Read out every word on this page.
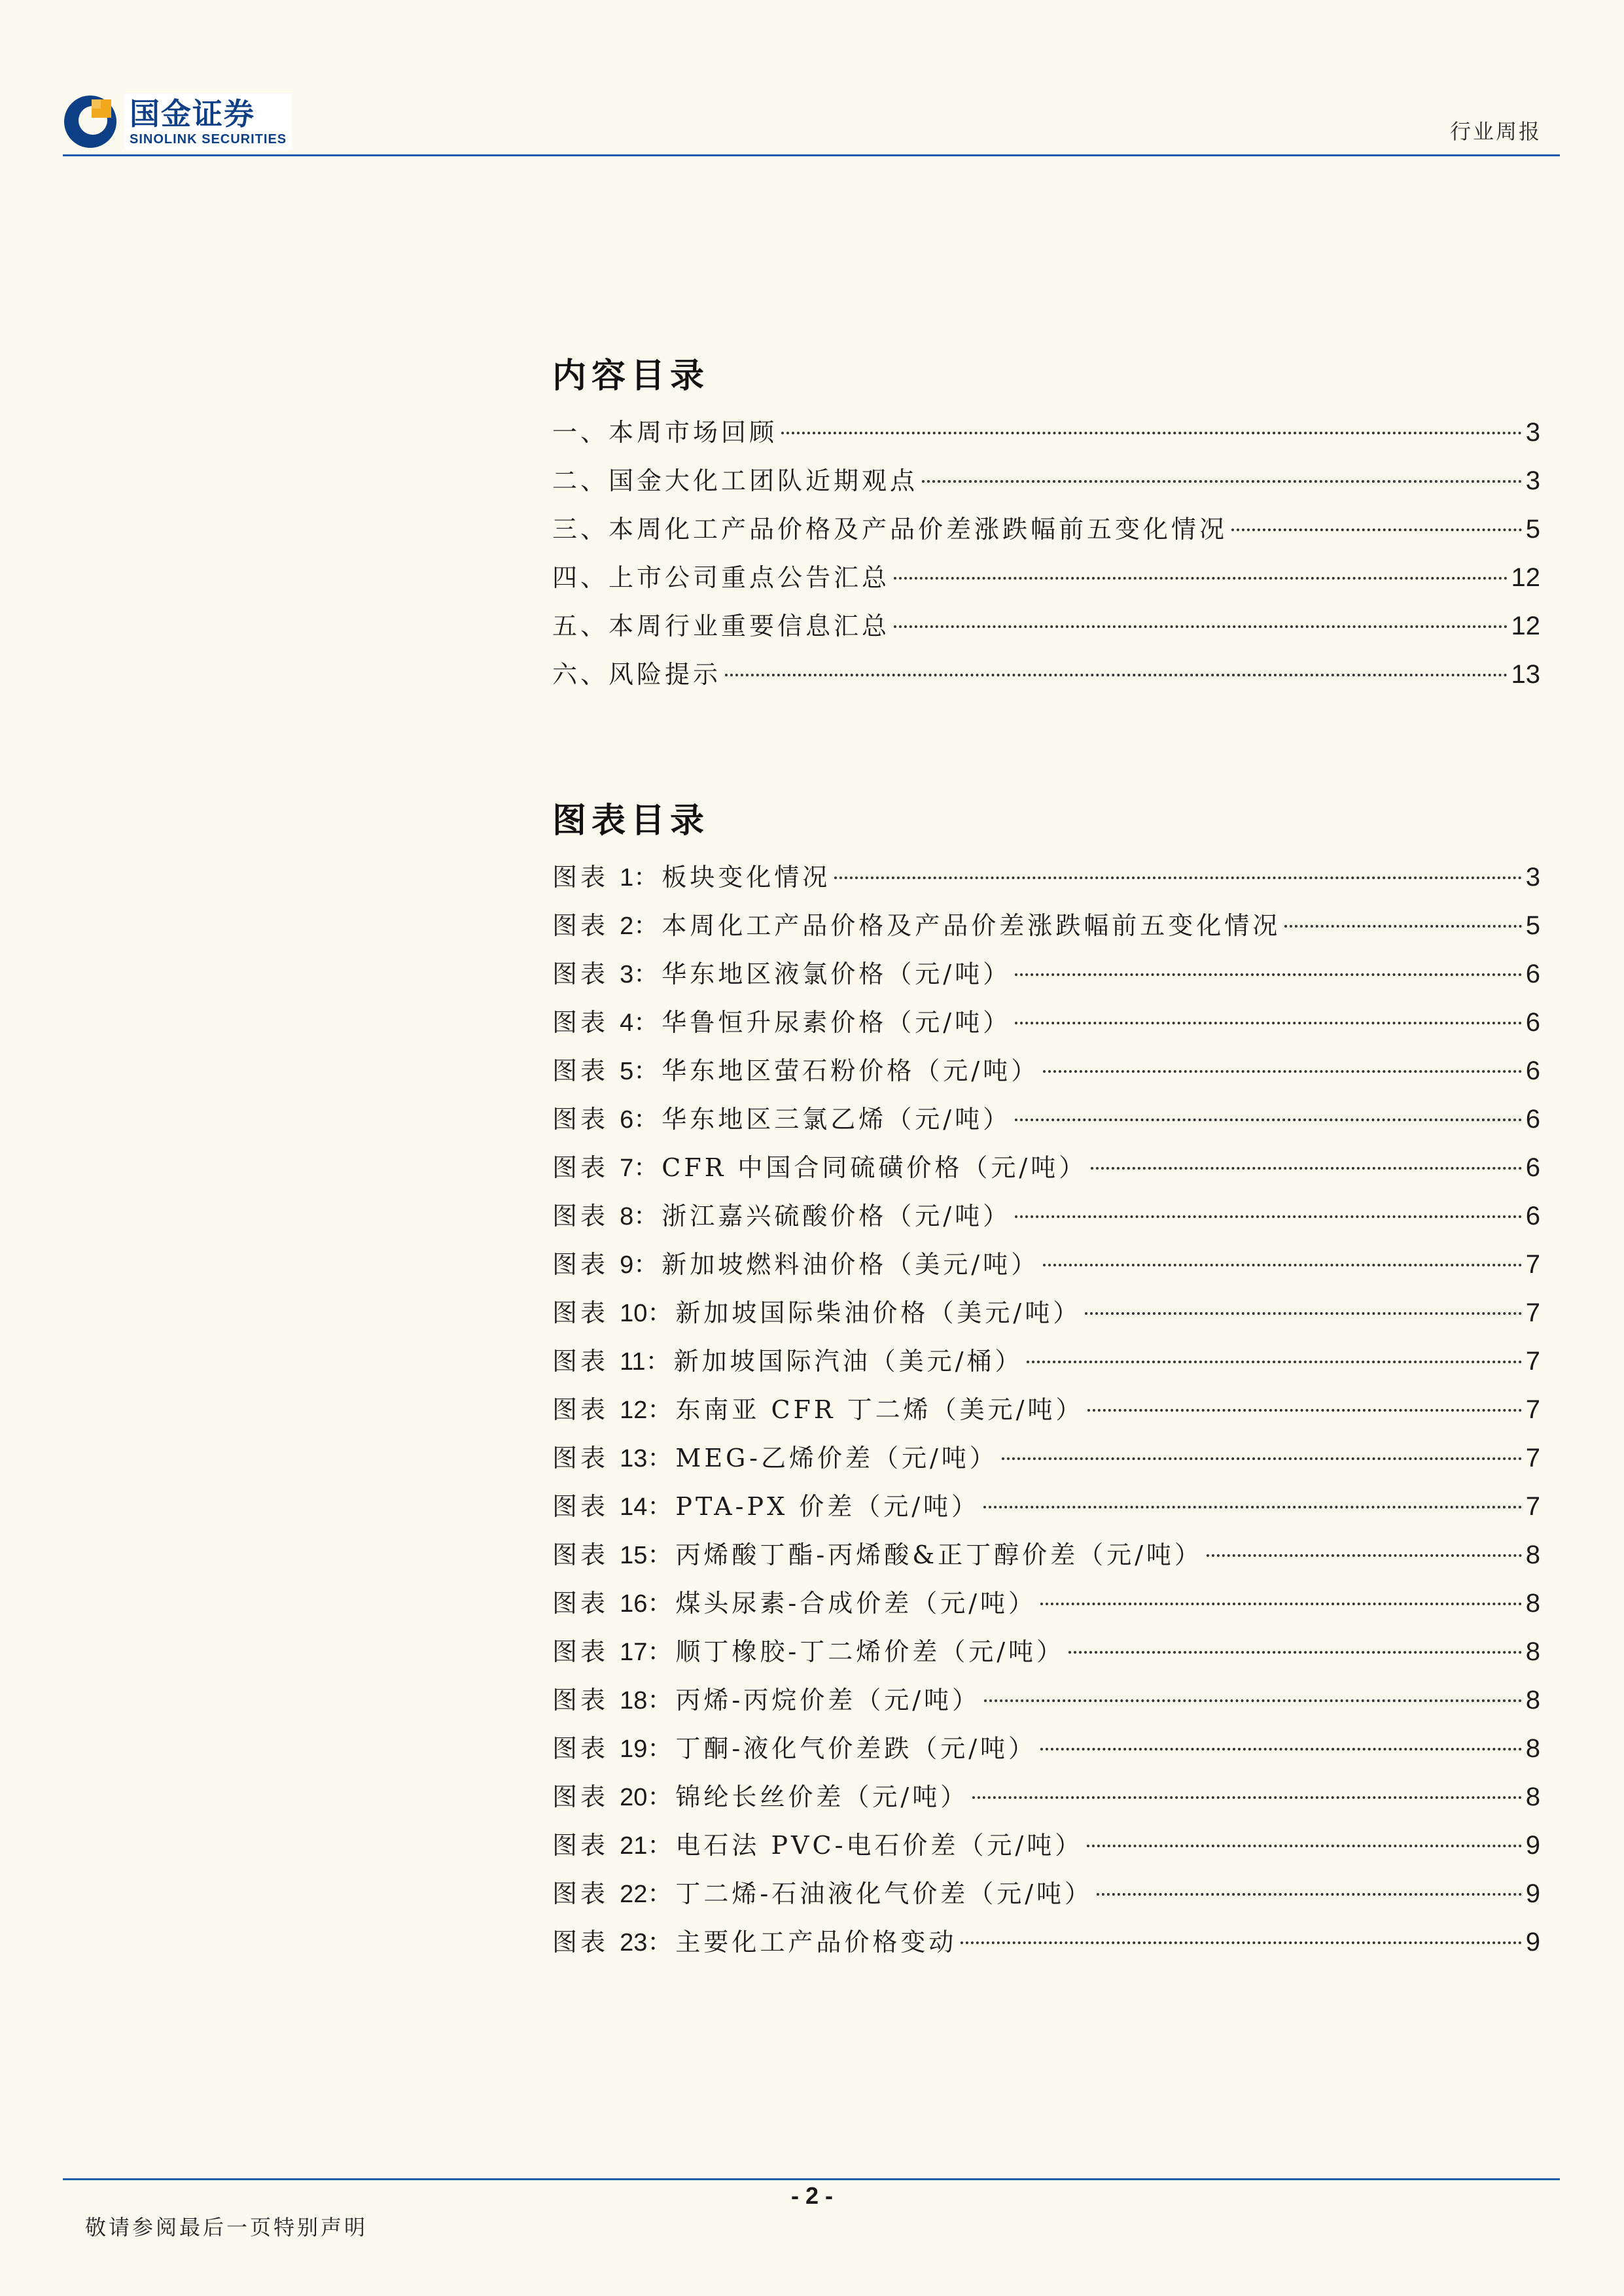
国金证券
SINOLINK SECURITIES	行业周报
内容目录
一、本周市场回顾	3
二、国金大化工团队近期观点	3
三、本周化工产品价格及产品价差涨跌幅前五变化情况	5
四、上市公司重点公告汇总	12
五、本周行业重要信息汇总	12
六、风险提示	13
图表目录
图表 1：板块变化情况	3
图表 2：本周化工产品价格及产品价差涨跌幅前五变化情况	5
图表 3：华东地区液氯价格（元/吨）	6
图表 4：华鲁恒升尿素价格（元/吨）	6
图表 5：华东地区萤石粉价格（元/吨）	6
图表 6：华东地区三氯乙烯（元/吨）	6
图表 7：CFR 中国合同硫磺价格（元/吨）	6
图表 8：浙江嘉兴硫酸价格（元/吨）	6
图表 9：新加坡燃料油价格（美元/吨）	7
图表 10：新加坡国际柴油价格（美元/吨）	7
图表 11：新加坡国际汽油（美元/桶）	7
图表 12：东南亚 CFR 丁二烯（美元/吨）	7
图表 13：MEG-乙烯价差（元/吨）	7
图表 14：PTA-PX 价差（元/吨）	7
图表 15：丙烯酸丁酯-丙烯酸&正丁醇价差（元/吨）	8
图表 16：煤头尿素-合成价差（元/吨）	8
图表 17：顺丁橡胶-丁二烯价差（元/吨）	8
图表 18：丙烯-丙烷价差（元/吨）	8
图表 19：丁酮-液化气价差跌（元/吨）	8
图表 20：锦纶长丝价差（元/吨）	8
图表 21：电石法 PVC-电石价差（元/吨）	9
图表 22：丁二烯-石油液化气价差（元/吨）	9
图表 23：主要化工产品价格变动	9
- 2 -
敬请参阅最后一页特别声明
